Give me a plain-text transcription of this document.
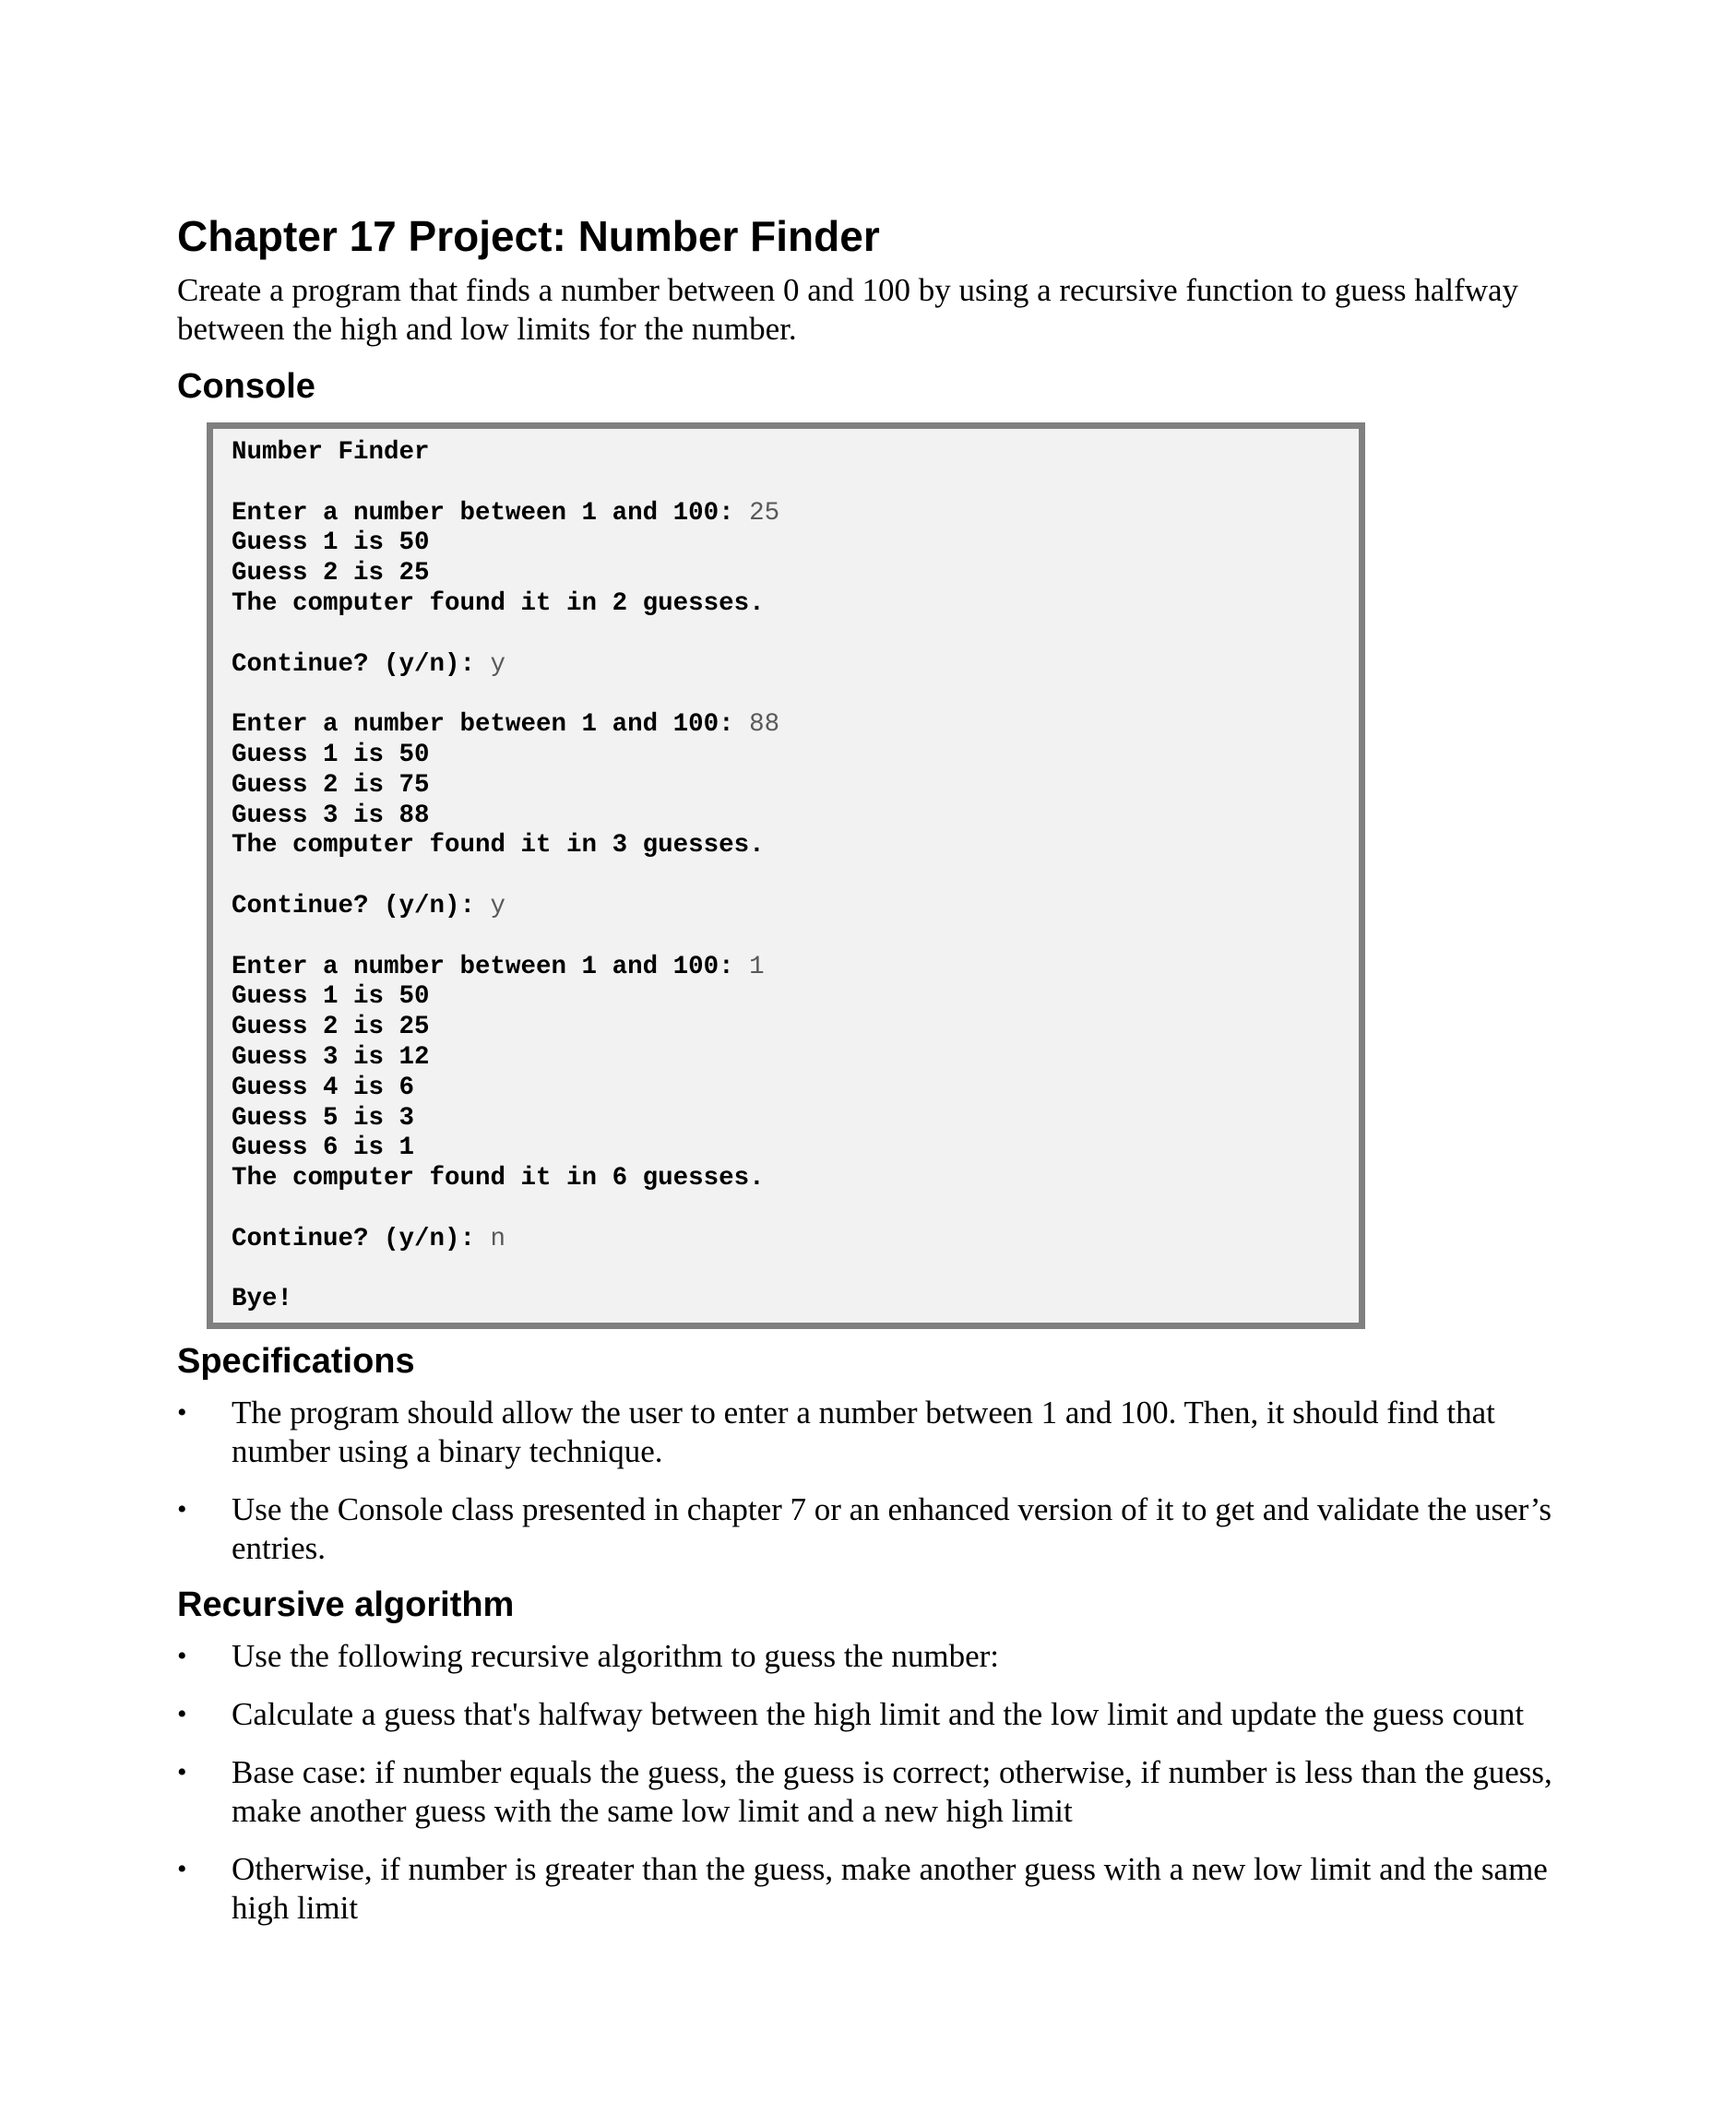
Chapter 17 Project: Number Finder

Create a program that finds a number between 0 and 100 by using a recursive function to guess halfway between the high and low limits for the number.

Console
Number Finder
Enter a number between 1 and 100: 25
Guess 1 is 50
Guess 2 is 25
The computer found it in 2 guesses.
Continue? (y/n): y
Enter a number between 1 and 100: 88
Guess 1 is 50
Guess 2 is 75
Guess 3 is 88
The computer found it in 3 guesses.
Continue? (y/n): y
Enter a number between 1 and 100: 1
Guess 1 is 50
Guess 2 is 25
Guess 3 is 12
Guess 4 is 6
Guess 5 is 3
Guess 6 is 1
The computer found it in 6 guesses.
Continue? (y/n): n
Bye!
Specifications
• The program should allow the user to enter a number between 1 and 100. Then, it should find that number using a binary technique.
• Use the Console class presented in chapter 7 or an enhanced version of it to get and validate the user’s entries.
Recursive algorithm
• Use the following recursive algorithm to guess the number:
• Calculate a guess that's halfway between the high limit and the low limit and update the guess count
• Base case: if number equals the guess, the guess is correct; otherwise, if number is less than the guess, make another guess with the same low limit and a new high limit
• Otherwise, if number is greater than the guess, make another guess with a new low limit and the same high limit
